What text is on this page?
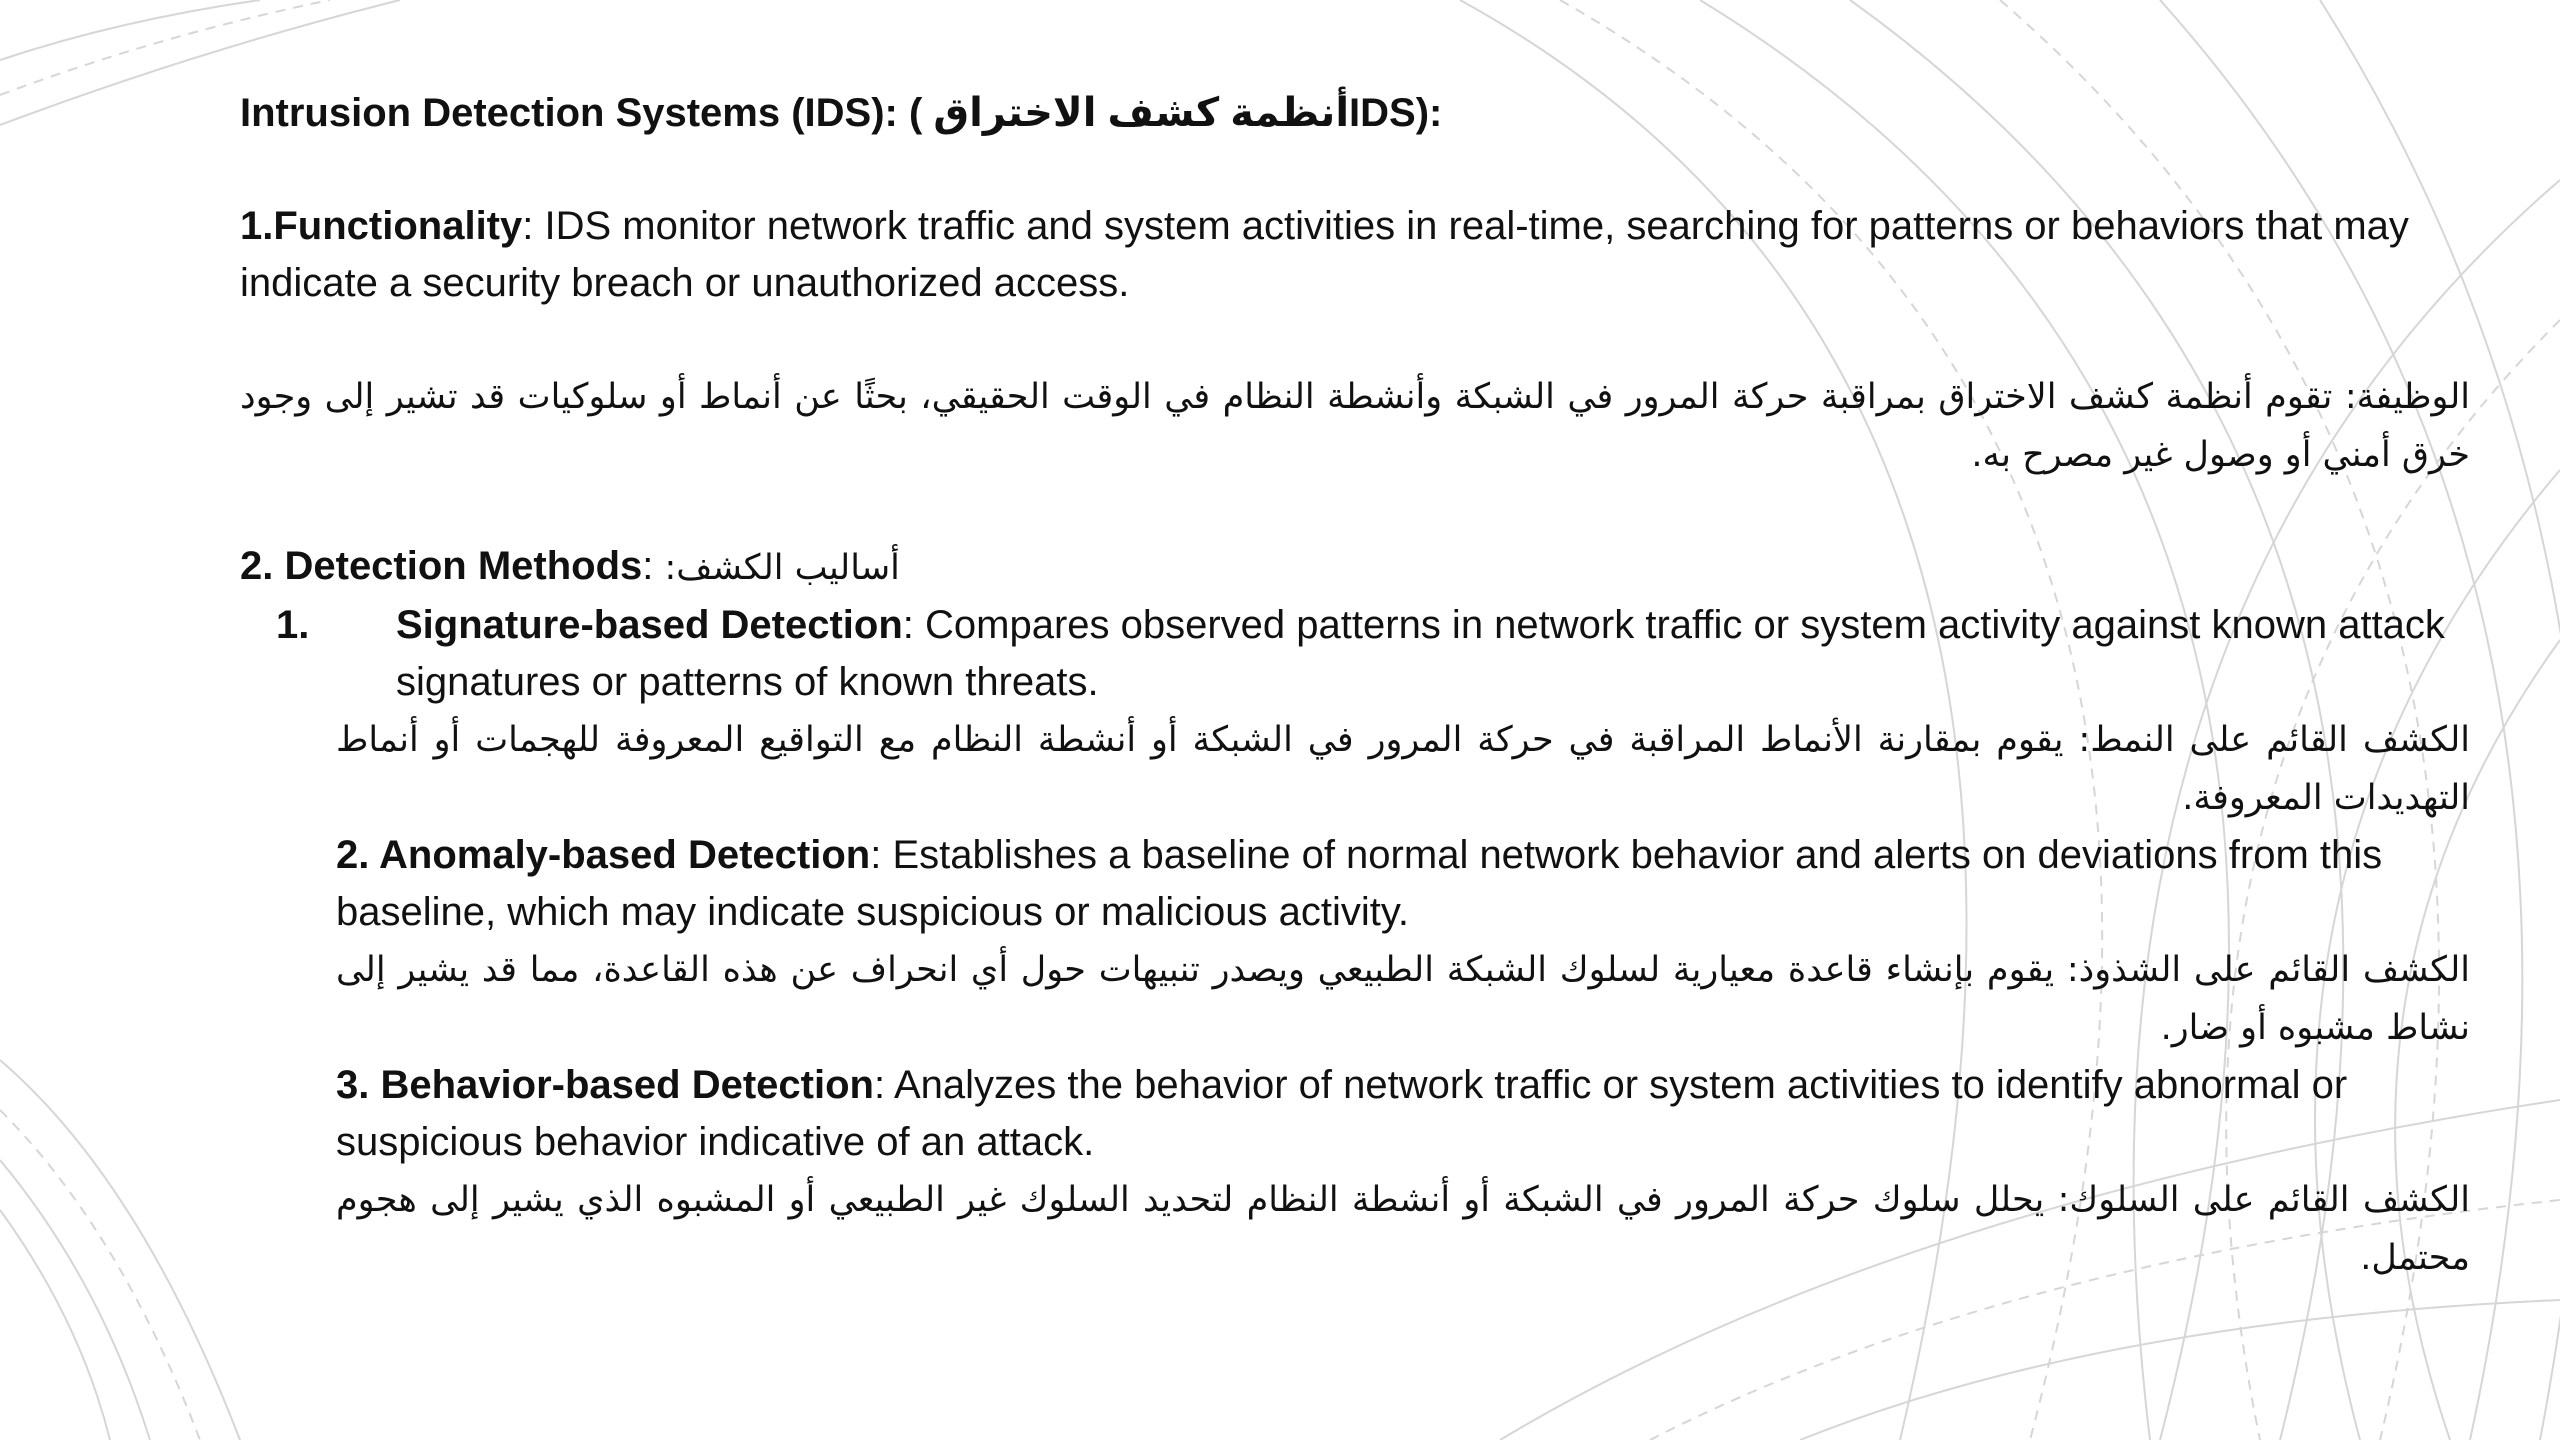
Intrusion Detection Systems (IDS): ( أنظمة كشف الاختراقIDS):

1.Functionality: IDS monitor network traffic and system activities in real-time, searching for patterns or behaviors that may indicate a security breach or unauthorized access.

الوظيفة: تقوم أنظمة كشف الاختراق بمراقبة حركة المرور في الشبكة وأنشطة النظام في الوقت الحقيقي، بحثًا عن أنماط أو سلوكيات قد تشير إلى وجود خرق أمني أو وصول غير مصرح به.

2. Detection Methods: أساليب الكشف:

1. Signature-based Detection: Compares observed patterns in network traffic or system activity against known attack signatures or patterns of known threats.

الكشف القائم على النمط: يقوم بمقارنة الأنماط المراقبة في حركة المرور في الشبكة أو أنشطة النظام مع التواقيع المعروفة للهجمات أو أنماط التهديدات المعروفة.

2. Anomaly-based Detection: Establishes a baseline of normal network behavior and alerts on deviations from this baseline, which may indicate suspicious or malicious activity.

الكشف القائم على الشذوذ: يقوم بإنشاء قاعدة معيارية لسلوك الشبكة الطبيعي ويصدر تنبيهات حول أي انحراف عن هذه القاعدة، مما قد يشير إلى نشاط مشبوه أو ضار.

3. Behavior-based Detection: Analyzes the behavior of network traffic or system activities to identify abnormal or suspicious behavior indicative of an attack.

الكشف القائم على السلوك: يحلل سلوك حركة المرور في الشبكة أو أنشطة النظام لتحديد السلوك غير الطبيعي أو المشبوه الذي يشير إلى هجوم محتمل.
